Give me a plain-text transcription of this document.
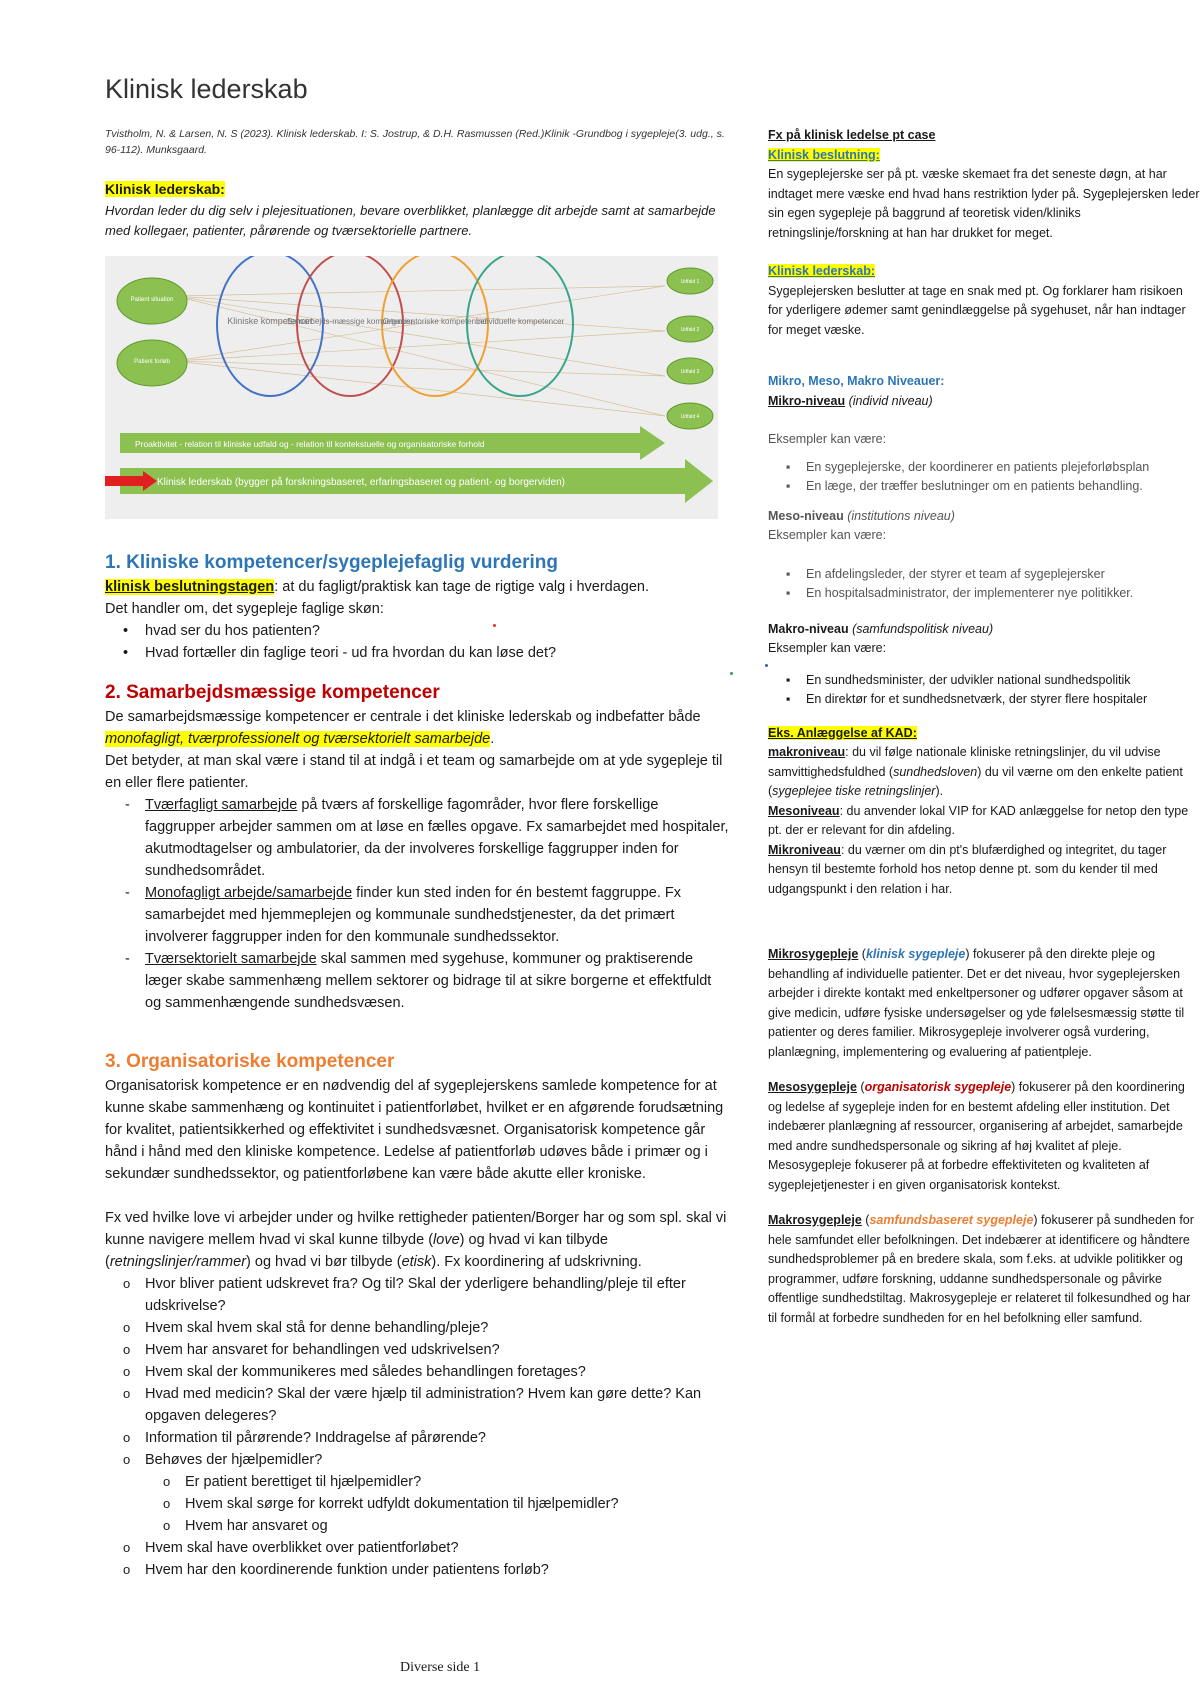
Klinisk lederskab
Tvistholm, N. & Larsen, N. S (2023). Klinisk lederskab. I: S. Jostrup, & D.H. Rasmussen (Red.)Klinik -Grundbog i sygepleje(3. udg., s. 96-112). Munksgaard.
Klinisk lederskab:
Hvordan leder du dig selv i plejesituationen, bevare overblikket, planlægge dit arbejde samt at samarbejde med kollegaer, patienter, pårørende og tværsektorielle partnere.
Patient situation
Patient forløb
Kliniske kompetencer
Samarbejds-mæssige kompetencer
Organisatoriske kompetencer
Individuelle kompetencer
Udfald 1
Udfald 2
Udfald 3
Udfald 4
Proaktivitet - relation til kliniske udfald og - relation til kontekstuelle og organisatoriske forhold
Klinisk lederskab (bygger på forskningsbaseret, erfaringsbaseret og patient- og borgerviden)
1. Kliniske kompetencer/sygeplejefaglig vurdering
klinisk beslutningstagen: at du fagligt/praktisk kan tage de rigtige valg i hverdagen.
Det handler om, det sygepleje faglige skøn:
• hvad ser du hos patienten?
• Hvad fortæller din faglige teori - ud fra hvordan du kan løse det?
2. Samarbejdsmæssige kompetencer
De samarbejdsmæssige kompetencer er centrale i det kliniske lederskab og indbefatter både monofagligt, tværprofessionelt og tværsektorielt samarbejde.
Det betyder, at man skal være i stand til at indgå i et team og samarbejde om at yde sygepleje til en eller flere patienter.
- Tværfagligt samarbejde på tværs af forskellige fagområder, hvor flere forskellige faggrupper arbejder sammen om at løse en fælles opgave. Fx samarbejdet med hospitaler, akutmodtagelser og ambulatorier, da der involveres forskellige faggrupper inden for sundhedsområdet.
- Monofagligt arbejde/samarbejde finder kun sted inden for én bestemt faggruppe. Fx samarbejdet med hjemmeplejen og kommunale sundhedstjenester, da det primært involverer faggrupper inden for den kommunale sundhedssektor.
- Tværsektorielt samarbejde skal sammen med sygehuse, kommuner og praktiserende læger skabe sammenhæng mellem sektorer og bidrage til at sikre borgerne et effektfuldt og sammenhængende sundhedsvæsen.
3. Organisatoriske kompetencer
Organisatorisk kompetence er en nødvendig del af sygeplejerskens samlede kompetence for at kunne skabe sammenhæng og kontinuitet i patientforløbet, hvilket er en afgørende forudsætning for kvalitet, patientsikkerhed og effektivitet i sundhedsvæsnet. Organisatorisk kompetence går hånd i hånd med den kliniske kompetence. Ledelse af patientforløb udøves både i primær og i sekundær sundhedssektor, og patientforløbene kan være både akutte eller kroniske.
Fx ved hvilke love vi arbejder under og hvilke rettigheder patienten/Borger har og som spl. skal vi kunne navigere mellem hvad vi skal kunne tilbyde (love) og hvad vi kan tilbyde (retningslinjer/rammer) og hvad vi bør tilbyde (etisk). Fx koordinering af udskrivning.
o Hvor bliver patient udskrevet fra? Og til? Skal der yderligere behandling/pleje til efter udskrivelse?
o Hvem skal hvem skal stå for denne behandling/pleje?
o Hvem har ansvaret for behandlingen ved udskrivelsen?
o Hvem skal der kommunikeres med således behandlingen foretages?
o Hvad med medicin? Skal der være hjælp til administration? Hvem kan gøre dette? Kan opgaven delegeres?
o Information til pårørende? Inddragelse af pårørende?
o Behøves der hjælpemidler?
o Er patient berettiget til hjælpemidler?
o Hvem skal sørge for korrekt udfyldt dokumentation til hjælpemidler?
o Hvem har ansvaret og
o Hvem skal have overblikket over patientforløbet?
o Hvem har den koordinerende funktion under patientens forløb?
Fx på klinisk ledelse pt case
Klinisk beslutning:
En sygeplejerske ser på pt. væske skemaet fra det seneste døgn, at har indtaget mere væske end hvad hans restriktion lyder på. Sygeplejersken leder sin egen sygepleje på baggrund af teoretisk viden/kliniks retningslinje/forskning at han har drukket for meget.
Klinisk lederskab:
Sygeplejersken beslutter at tage en snak med pt. Og forklarer ham risikoen for yderligere ødemer samt genindlæggelse på sygehuset, når han indtager for meget væske.
Mikro, Meso, Makro Niveauer:
Mikro-niveau (individ niveau)
Eksempler kan være:
▪ En sygeplejerske, der koordinerer en patients plejeforløbsplan
▪ En læge, der træffer beslutninger om en patients behandling.
Meso-niveau (institutions niveau)
Eksempler kan være:
▪ En afdelingsleder, der styrer et team af sygeplejersker
▪ En hospitalsadministrator, der implementerer nye politikker.
Makro-niveau (samfundspolitisk niveau)
Eksempler kan være:
▪ En sundhedsminister, der udvikler national sundhedspolitik
▪ En direktør for et sundhedsnetværk, der styrer flere hospitaler
Eks. Anlæggelse af KAD:
makroniveau: du vil følge nationale kliniske retningslinjer, du vil udvise samvittighedsfuldhed (sundhedsloven) du vil værne om den enkelte patient (sygeplejee tiske retningslinjer).
Mesoniveau: du anvender lokal VIP for KAD anlæggelse for netop den type pt. der er relevant for din afdeling.
Mikroniveau: du værner om din pt's blufærdighed og integritet, du tager hensyn til bestemte forhold hos netop denne pt. som du kender til med udgangspunkt i den relation i har.
Mikrosygepleje (klinisk sygepleje) fokuserer på den direkte pleje og behandling af individuelle patienter. Det er det niveau, hvor sygeplejersken arbejder i direkte kontakt med enkeltpersoner og udfører opgaver såsom at give medicin, udføre fysiske undersøgelser og yde følelsesmæssig støtte til patienter og deres familier. Mikrosygepleje involverer også vurdering, planlægning, implementering og evaluering af patientpleje.
Mesosygepleje (organisatorisk sygepleje) fokuserer på den koordinering og ledelse af sygepleje inden for en bestemt afdeling eller institution. Det indebærer planlægning af ressourcer, organisering af arbejdet, samarbejde med andre sundhedspersonale og sikring af høj kvalitet af pleje. Mesosygepleje fokuserer på at forbedre effektiviteten og kvaliteten af sygeplejetjenester i en given organisatorisk kontekst.
Makrosygepleje (samfundsbaseret sygepleje) fokuserer på sundheden for hele samfundet eller befolkningen. Det indebærer at identificere og håndtere sundhedsproblemer på en bredere skala, som f.eks. at udvikle politikker og programmer, udføre forskning, uddanne sundhedspersonale og påvirke offentlige sundhedstiltag. Makrosygepleje er relateret til folkesundhed og har til formål at forbedre sundheden for en hel befolkning eller samfund.
Diverse side 1
